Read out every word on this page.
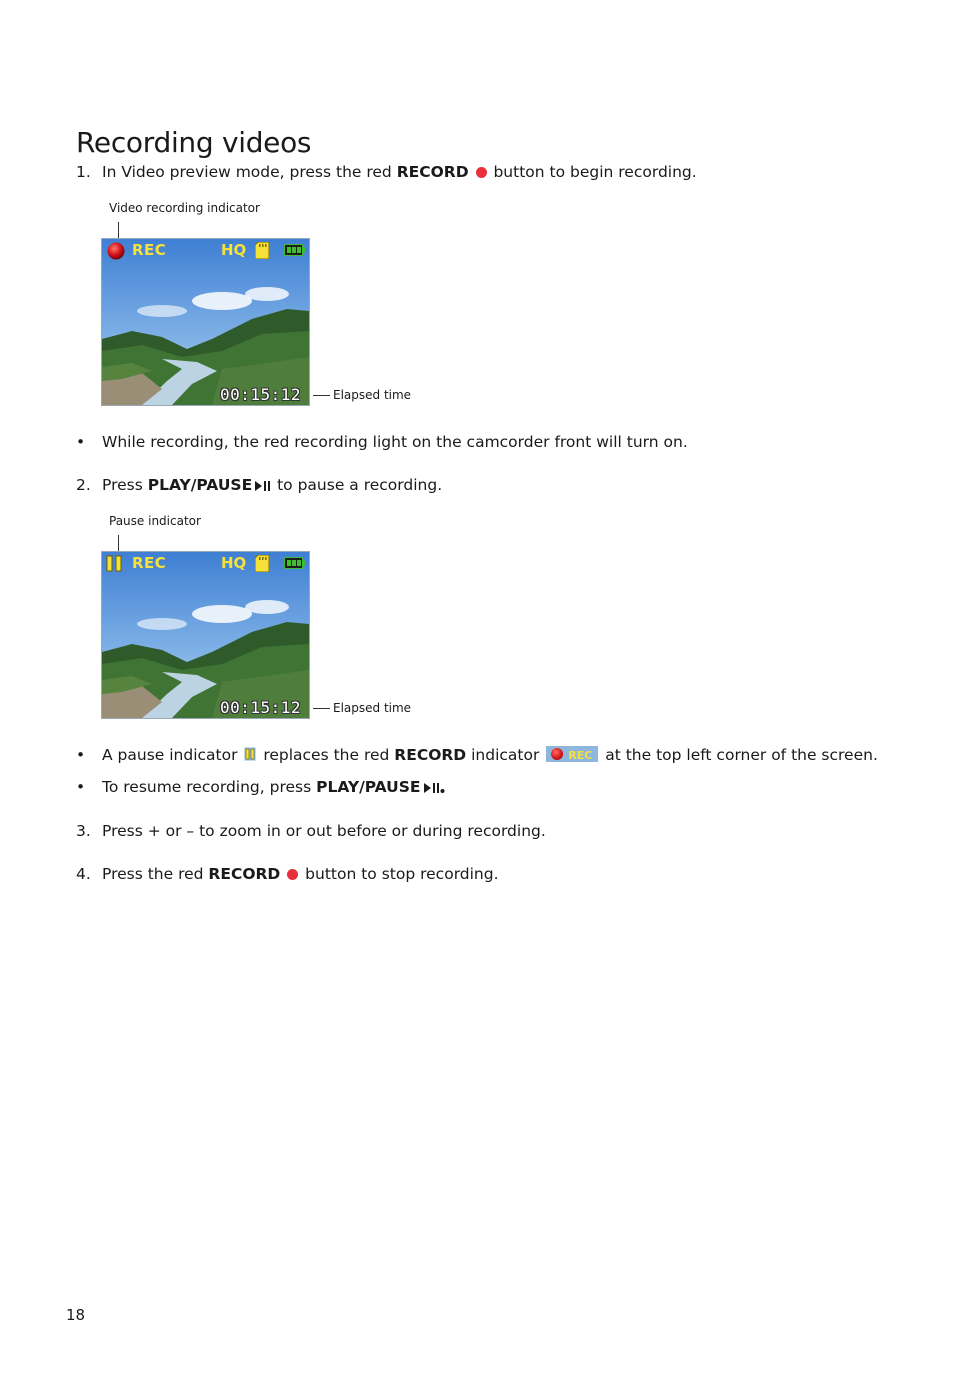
Recording videos
1. In Video preview mode, press the red RECORD  button to begin recording.
Video recording indicator
REC	HQ
00:15:12	Elapsed time
•	While recording, the red recording light on the camcorder front will turn on.
2. Press PLAY/PAUSE to pause a recording.
Pause indicator
REC	HQ
00:15:12	Elapsed time
•	A pause indicator  replaces the red RECORD indicator REC at the top left corner of the screen.
•	To resume recording, press PLAY/PAUSE
3. Press + or – to zoom in or out before or during recording.
4. Press the red RECORD  button to stop recording.
18
